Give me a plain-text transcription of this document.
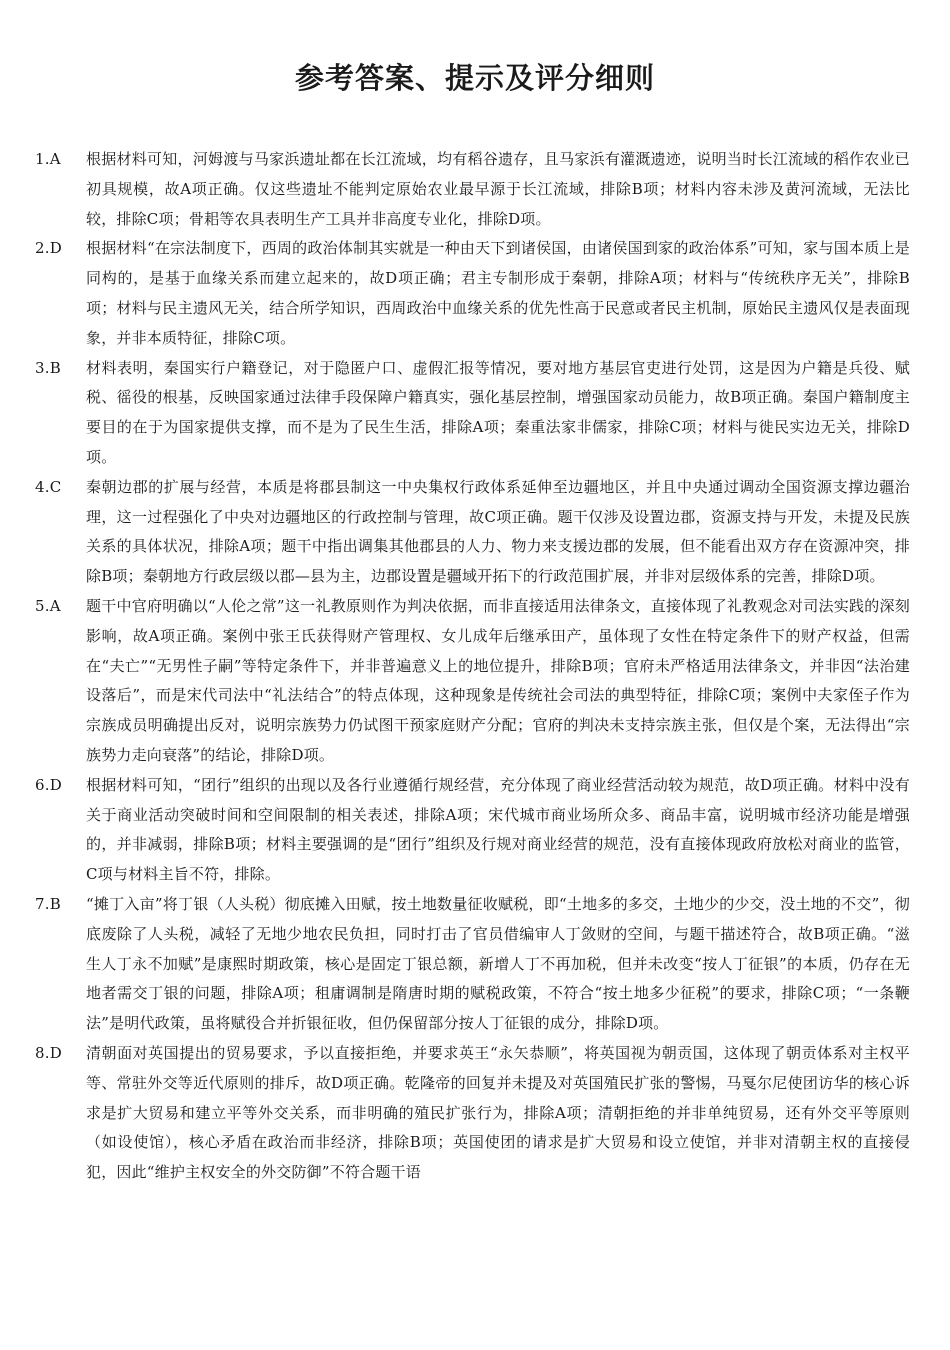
参考答案、提示及评分细则
1.A	根据材料可知，河姆渡与马家浜遗址都在长江流域，均有稻谷遗存，且马家浜有灌溉遗迹，说明当时长江流域的稻作农业已初具规模，故A项正确。仅这些遗址不能判定原始农业最早源于长江流域，排除B项；材料内容未涉及黄河流域，无法比较，排除C项；骨耜等农具表明生产工具并非高度专业化，排除D项。
2.D	根据材料“在宗法制度下，西周的政治体制其实就是一种由天下到诸侯国，由诸侯国到家的政治体系”可知，家与国本质上是同构的，是基于血缘关系而建立起来的，故D项正确；君主专制形成于秦朝，排除A项；材料与“传统秩序无关”，排除B项；材料与民主遗风无关，结合所学知识，西周政治中血缘关系的优先性高于民意或者民主机制，原始民主遗风仅是表面现象，并非本质特征，排除C项。
3.B	材料表明，秦国实行户籍登记，对于隐匿户口、虚假汇报等情况，要对地方基层官吏进行处罚，这是因为户籍是兵役、赋税、徭役的根基，反映国家通过法律手段保障户籍真实，强化基层控制，增强国家动员能力，故B项正确。秦国户籍制度主要目的在于为国家提供支撑，而不是为了民生生活，排除A项；秦重法家非儒家，排除C项；材料与徙民实边无关，排除D项。
4.C	秦朝边郡的扩展与经营，本质是将郡县制这一中央集权行政体系延伸至边疆地区，并且中央通过调动全国资源支撑边疆治理，这一过程强化了中央对边疆地区的行政控制与管理，故C项正确。题干仅涉及设置边郡，资源支持与开发，未提及民族关系的具体状况，排除A项；题干中指出调集其他郡县的人力、物力来支援边郡的发展，但不能看出双方存在资源冲突，排除B项；秦朝地方行政层级以郡—县为主，边郡设置是疆域开拓下的行政范围扩展，并非对层级体系的完善，排除D项。
5.A	题干中官府明确以“人伦之常”这一礼教原则作为判决依据，而非直接适用法律条文，直接体现了礼教观念对司法实践的深刻影响，故A项正确。案例中张王氏获得财产管理权、女儿成年后继承田产，虽体现了女性在特定条件下的财产权益，但需在“夫亡”“无男性子嗣”等特定条件下，并非普遍意义上的地位提升，排除B项；官府未严格适用法律条文，并非因“法治建设落后”，而是宋代司法中“礼法结合”的特点体现，这种现象是传统社会司法的典型特征，排除C项；案例中夫家侄子作为宗族成员明确提出反对，说明宗族势力仍试图干预家庭财产分配；官府的判决未支持宗族主张，但仅是个案，无法得出“宗族势力走向衰落”的结论，排除D项。
6.D	根据材料可知，“团行”组织的出现以及各行业遵循行规经营，充分体现了商业经营活动较为规范，故D项正确。材料中没有关于商业活动突破时间和空间限制的相关表述，排除A项；宋代城市商业场所众多、商品丰富，说明城市经济功能是增强的，并非减弱，排除B项；材料主要强调的是“团行”组织及行规对商业经营的规范，没有直接体现政府放松对商业的监管，C项与材料主旨不符，排除。
7.B	“摊丁入亩”将丁银（人头税）彻底摊入田赋，按土地数量征收赋税，即“土地多的多交，土地少的少交，没土地的不交”，彻底废除了人头税，减轻了无地少地农民负担，同时打击了官员借编审人丁敛财的空间，与题干描述符合，故B项正确。“滋生人丁永不加赋”是康熙时期政策，核心是固定丁银总额，新增人丁不再加税，但并未改变“按人丁征银”的本质，仍存在无地者需交丁银的问题，排除A项；租庸调制是隋唐时期的赋税政策，不符合“按土地多少征税”的要求，排除C项；“一条鞭法”是明代政策，虽将赋役合并折银征收，但仍保留部分按人丁征银的成分，排除D项。
8.D	清朝面对英国提出的贸易要求，予以直接拒绝，并要求英王“永矢恭顺”，将英国视为朝贡国，这体现了朝贡体系对主权平等、常驻外交等近代原则的排斥，故D项正确。乾隆帝的回复并未提及对英国殖民扩张的警惕，马戛尔尼使团访华的核心诉求是扩大贸易和建立平等外交关系，而非明确的殖民扩张行为，排除A项；清朝拒绝的并非单纯贸易，还有外交平等原则（如设使馆），核心矛盾在政治而非经济，排除B项；英国使团的请求是扩大贸易和设立使馆，并非对清朝主权的直接侵犯，因此“维护主权安全的外交防御”不符合题干语
